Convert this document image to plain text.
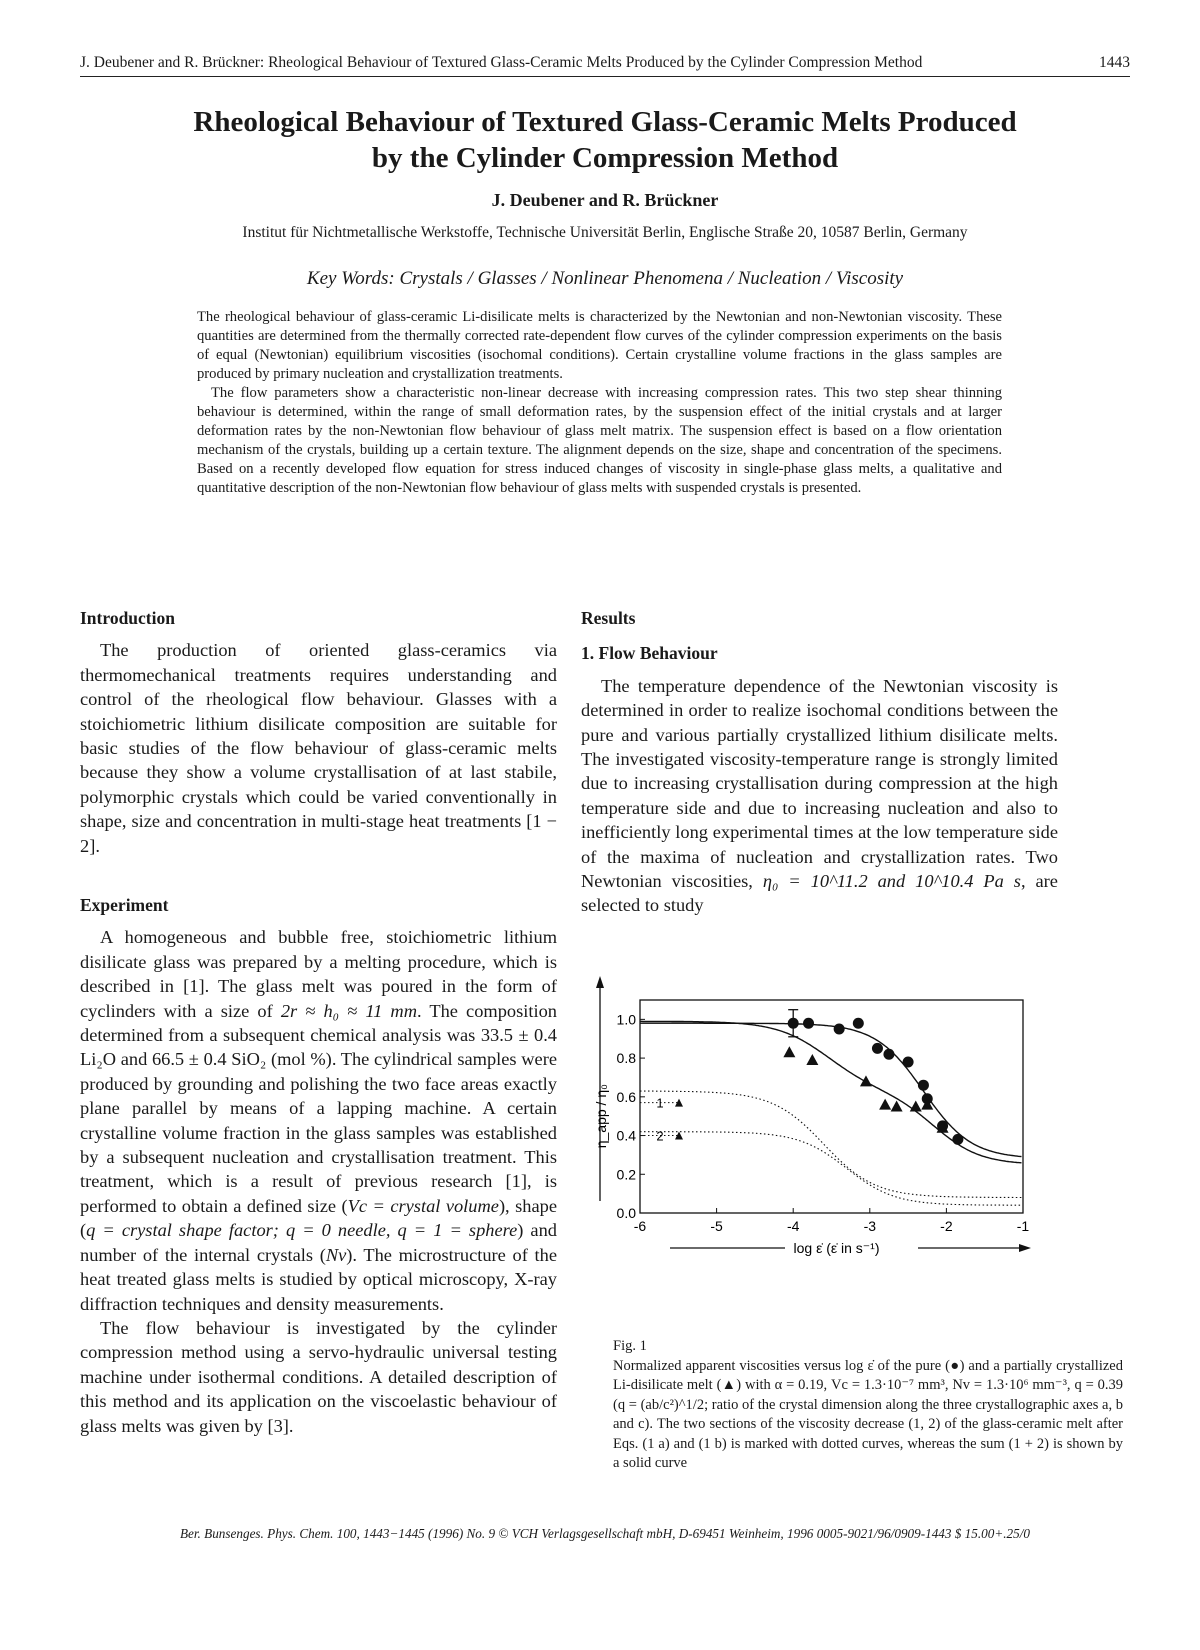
J. Deubener and R. Brückner: Rheological Behaviour of Textured Glass-Ceramic Melts Produced by the Cylinder Compression Method	1443
Rheological Behaviour of Textured Glass-Ceramic Melts Produced
by the Cylinder Compression Method
J. Deubener and R. Brückner
Institut für Nichtmetallische Werkstoffe, Technische Universität Berlin, Englische Straße 20, 10587 Berlin, Germany
Key Words: Crystals / Glasses / Nonlinear Phenomena / Nucleation / Viscosity

The rheological behaviour of glass-ceramic Li-disilicate melts is characterized by the Newtonian and non-Newtonian viscosity. These quantities are determined from the thermally corrected rate-dependent flow curves of the cylinder compression experiments on the basis of equal (Newtonian) equilibrium viscosities (isochomal conditions). Certain crystalline volume fractions in the glass samples are produced by primary nucleation and crystallization treatments.

The flow parameters show a characteristic non-linear decrease with increasing compression rates. This two step shear thinning behaviour is determined, within the range of small deformation rates, by the suspension effect of the initial crystals and at larger deformation rates by the non-Newtonian flow behaviour of glass melt matrix. The suspension effect is based on a flow orientation mechanism of the crystals, building up a certain texture. The alignment depends on the size, shape and concentration of the specimens. Based on a recently developed flow equation for stress induced changes of viscosity in single-phase glass melts, a qualitative and quantitative description of the non-Newtonian flow behaviour of glass melts with suspended crystals is presented.

Introduction

The production of oriented glass-ceramics via thermomechanical treatments requires understanding and control of the rheological flow behaviour. Glasses with a stoichiometric lithium disilicate composition are suitable for basic studies of the flow behaviour of glass-ceramic melts because they show a volume crystallisation of at last stabile, polymorphic crystals which could be varied conventionally in shape, size and concentration in multi-stage heat treatments [1 − 2].

Experiment

A homogeneous and bubble free, stoichiometric lithium disilicate glass was prepared by a melting procedure, which is described in [1]. The glass melt was poured in the form of cyclinders with a size of 2r ≈ h₀ ≈ 11 mm. The composition determined from a subsequent chemical analysis was 33.5 ± 0.4 Li₂O and 66.5 ± 0.4 SiO₂ (mol %). The cylindrical samples were produced by grounding and polishing the two face areas exactly plane parallel by means of a lapping machine. A certain crystalline volume fraction in the glass samples was established by a subsequent nucleation and crystallisation treatment. This treatment, which is a result of previous research [1], is performed to obtain a defined size (Vc = crystal volume), shape (q = crystal shape factor; q = 0 needle, q = 1 = sphere) and number of the internal crystals (Nv). The microstructure of the heat treated glass melts is studied by optical microscopy, X-ray diffraction techniques and density measurements.

The flow behaviour is investigated by the cylinder compression method using a servo-hydraulic universal testing machine under isothermal conditions. A detailed description of this method and its application on the viscoelastic behaviour of glass melts was given by [3].

Results
1. Flow Behaviour

The temperature dependence of the Newtonian viscosity is determined in order to realize isochomal conditions between the pure and various partially crystallized lithium disilicate melts. The investigated viscosity-temperature range is strongly limited due to increasing crystallisation during compression at the high temperature side and due to increasing nucleation and also to inefficiently long experimental times at the low temperature side of the maxima of nucleation and crystallization rates. Two Newtonian viscosities, η₀ = 10^11.2 and 10^10.4 Pa s, are selected to study

-6	-5	-4	-3	-2	-1
0.0
0.2
0.4
0.6
0.8
1.0
η_app / η₀
log ε̇ (ε̇ in s⁻¹)
1
2
Fig. 1
Normalized apparent viscosities versus log ε̇ of the pure (●) and a partially crystallized Li-disilicate melt (▲) with α = 0.19, Vc = 1.3·10⁻⁷ mm³, Nv = 1.3·10⁶ mm⁻³, q = 0.39 (q = (ab/c²)^1/2; ratio of the crystal dimension along the three crystallographic axes a, b and c). The two sections of the viscosity decrease (1, 2) of the glass-ceramic melt after Eqs. (1 a) and (1 b) is marked with dotted curves, whereas the sum (1 + 2) is shown by a solid curve
Ber. Bunsenges. Phys. Chem. 100, 1443−1445 (1996) No. 9 © VCH Verlagsgesellschaft mbH, D-69451 Weinheim, 1996 0005-9021/96/0909-1443 $ 15.00+.25/0
